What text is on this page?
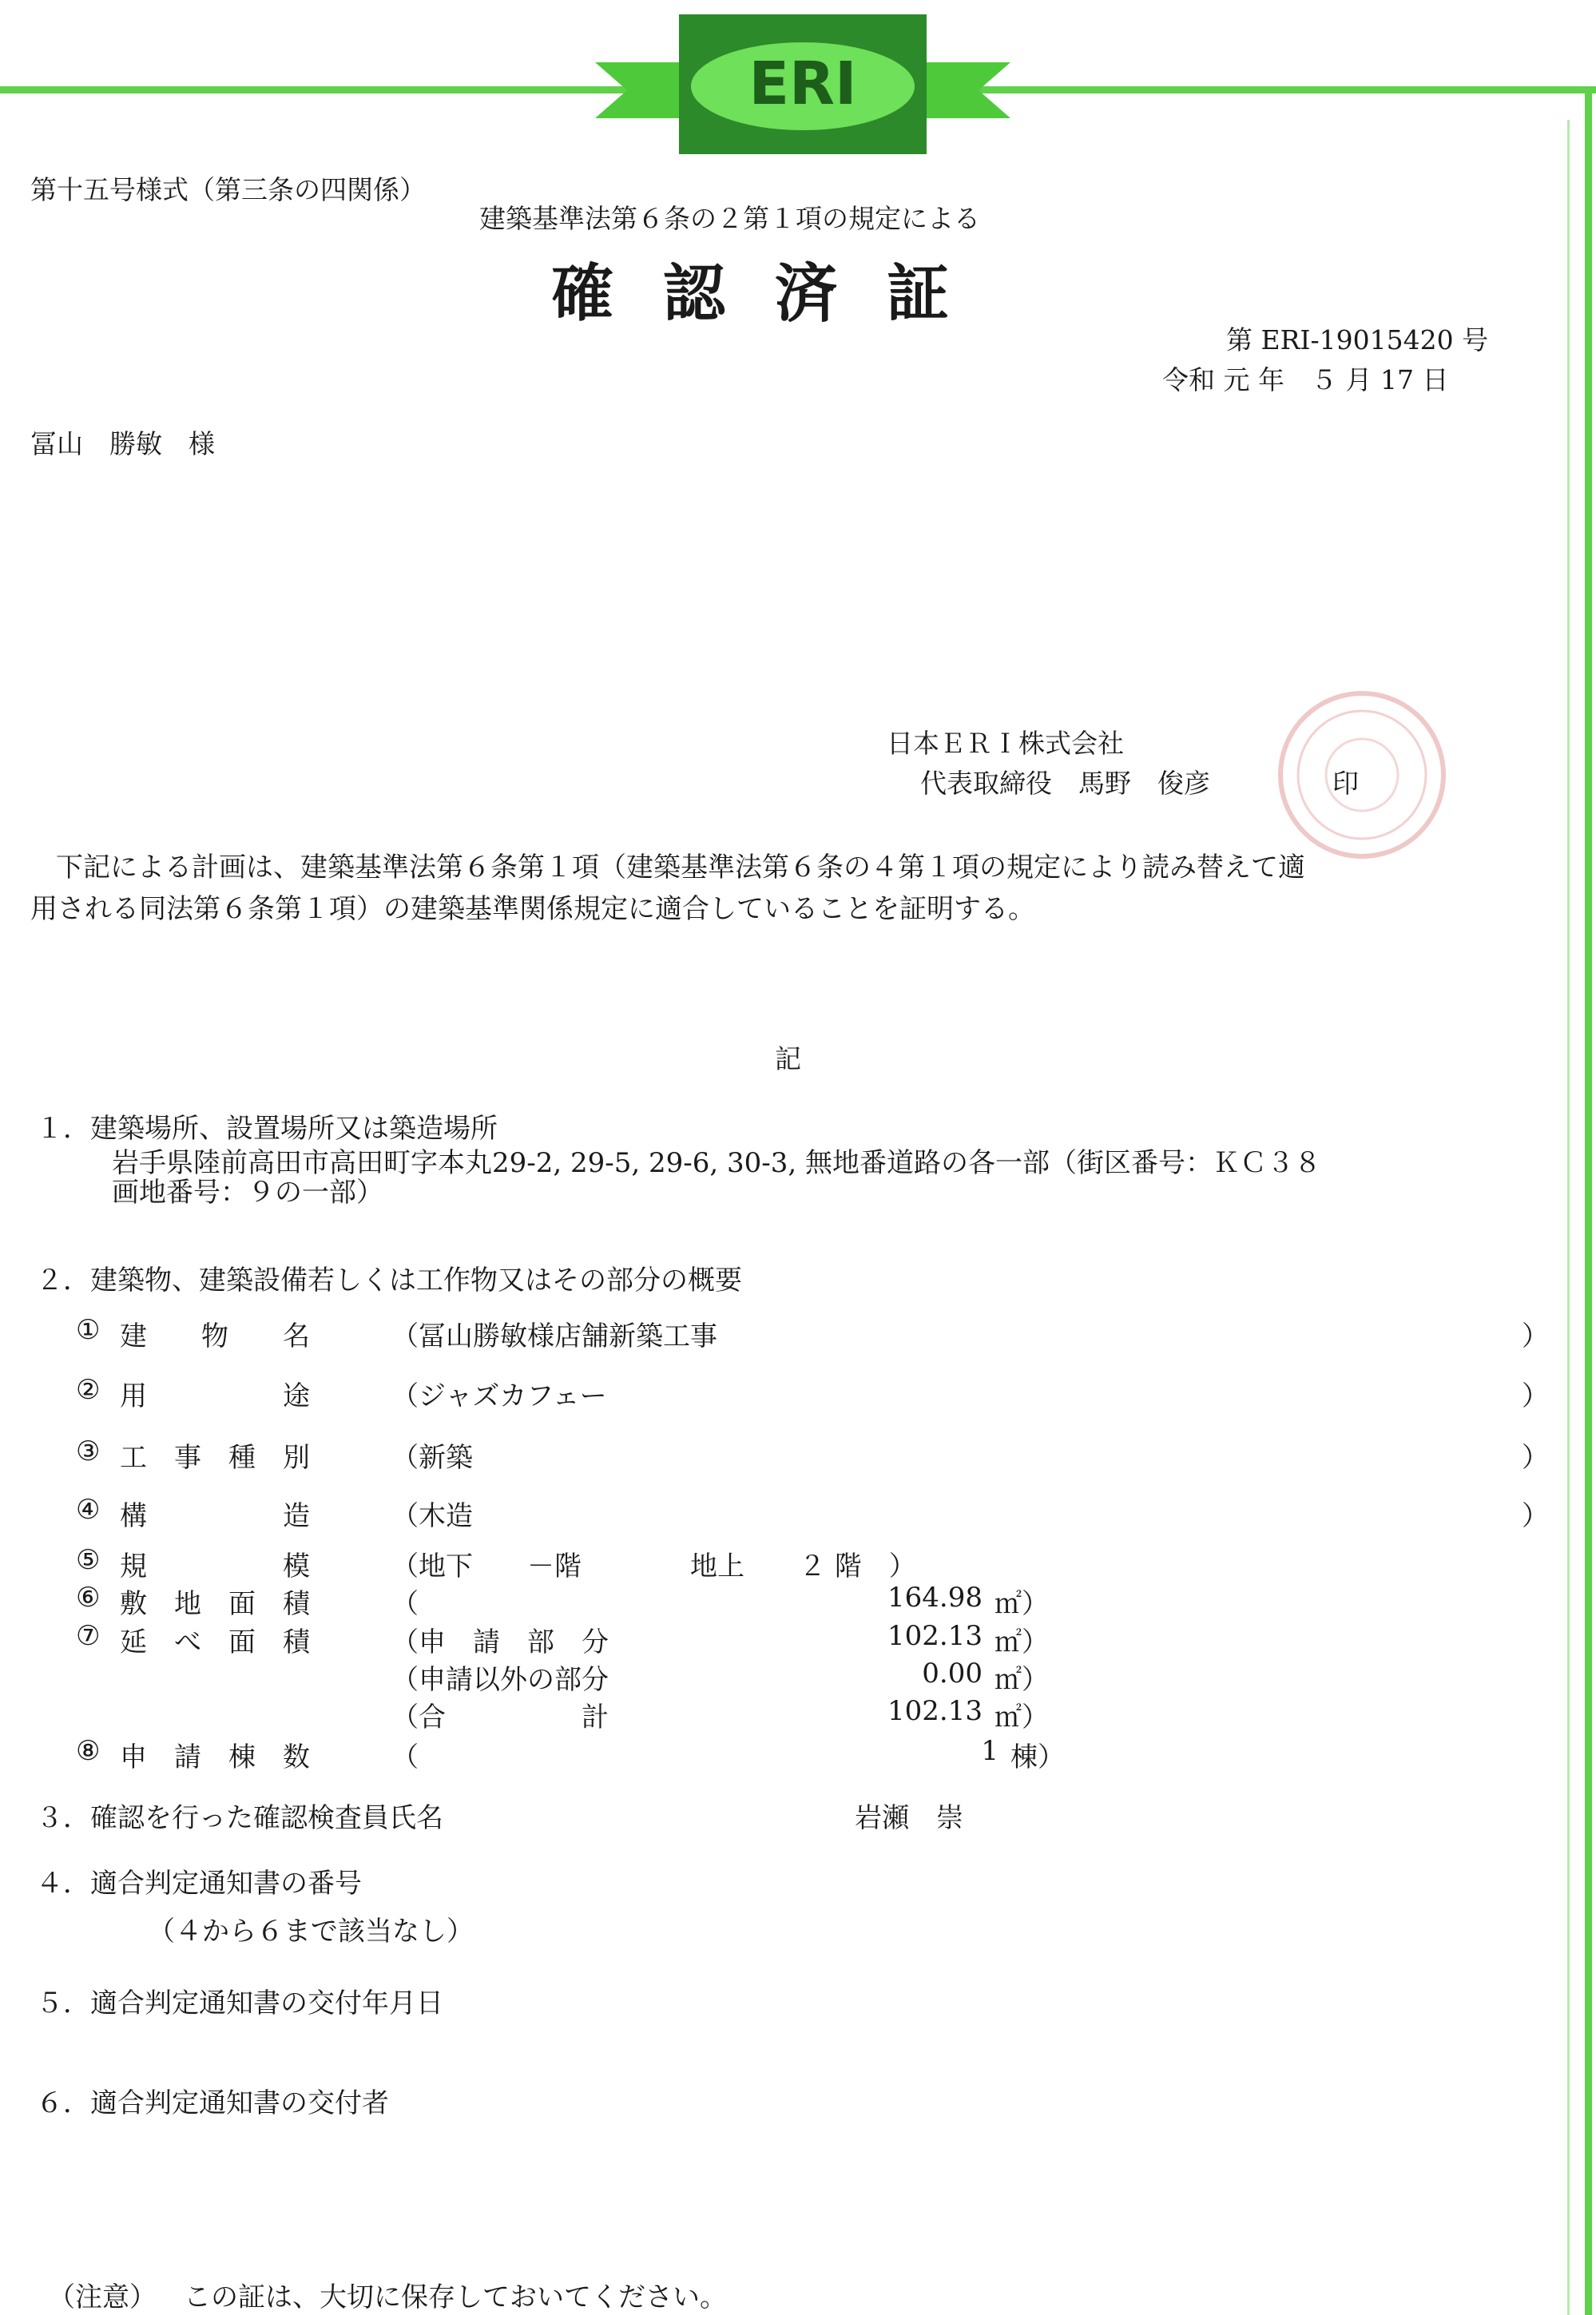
ERI
第十五号様式（第三条の四関係）
建築基準法第６条の２第１項の規定による
確認済証
第 ERI-19015420 号
令和 元 年　５ 月 17 日
冨山　勝敏　様
日本ＥＲＩ株式会社
代表取締役　馬野　俊彦	印
下記による計画は、建築基準法第６条第１項（建築基準法第６条の４第１項の規定により読み替えて適
用される同法第６条第１項）の建築基準関係規定に適合していることを証明する。
記
１．建築場所、設置場所又は築造場所
岩手県陸前高田市高田町字本丸29-2, 29-5, 29-6, 30-3, 無地番道路の各一部（街区番号：ＫＣ３８
画地番号：９の一部）
２．建築物、建築設備若しくは工作物又はその部分の概要
① 建　　物　　名	（冨山勝敏様店舗新築工事	）
② 用　　　　　途	（ジャズカフェー	）
③ 工　事　種　別	（新築	）
④ 構　　　　　造	（木造	）
⑤ 規　　　　　模	（地下　　－階　　　　地上　　２ 階　）
⑥ 敷　地　面　積	（	164.98 ㎡）
⑦ 延　べ　面　積	（申　請　部　分	102.13 ㎡）
（申請以外の部分	0.00 ㎡）
（合　　　　　計	102.13 ㎡）
⑧ 申　請　棟　数	（	1 棟）
３．確認を行った確認検査員氏名	岩瀬　崇
４．適合判定通知書の番号
（４から６まで該当なし）
５．適合判定通知書の交付年月日
６．適合判定通知書の交付者
（注意） この証は、大切に保存しておいてください。
